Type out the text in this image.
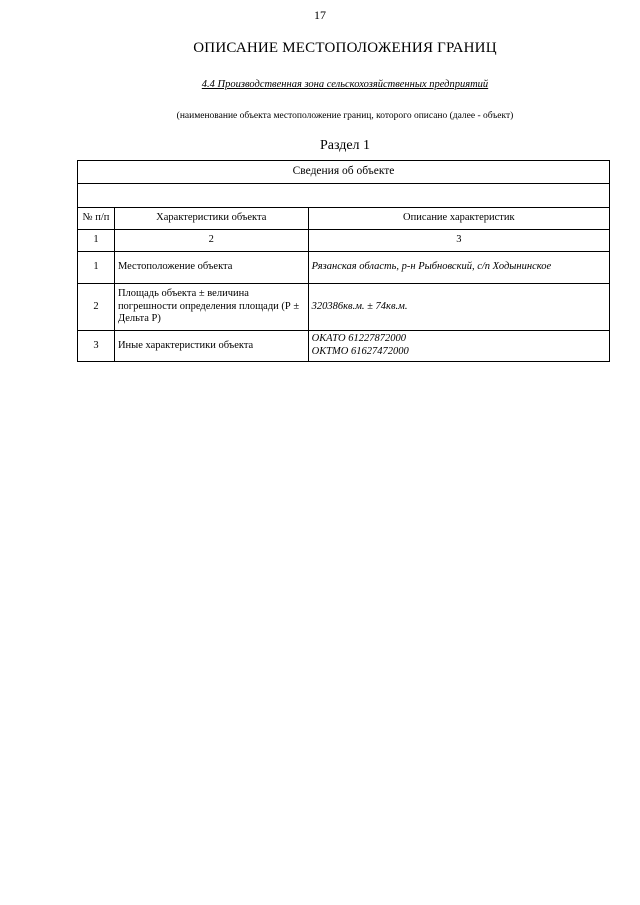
17
ОПИСАНИЕ МЕСТОПОЛОЖЕНИЯ ГРАНИЦ
4.4 Производственная зона сельскохозяйственных предприятий
(наименование объекта местоположение границ, которого описано (далее - объект)
Раздел 1
Сведения об объекте		

№ п/п	Характеристики объекта	Описание характеристик
1	2	3
1	Местоположение объекта	Рязанская область, р-н Рыбновский, с/п Ходынинское
2	Площадь объекта ± величина погрешности определения площади (Р ± Дельта Р)	320386кв.м. ± 74кв.м.
3	Иные характеристики объекта	ОКАТО 61227872000
ОКТМО 61627472000
